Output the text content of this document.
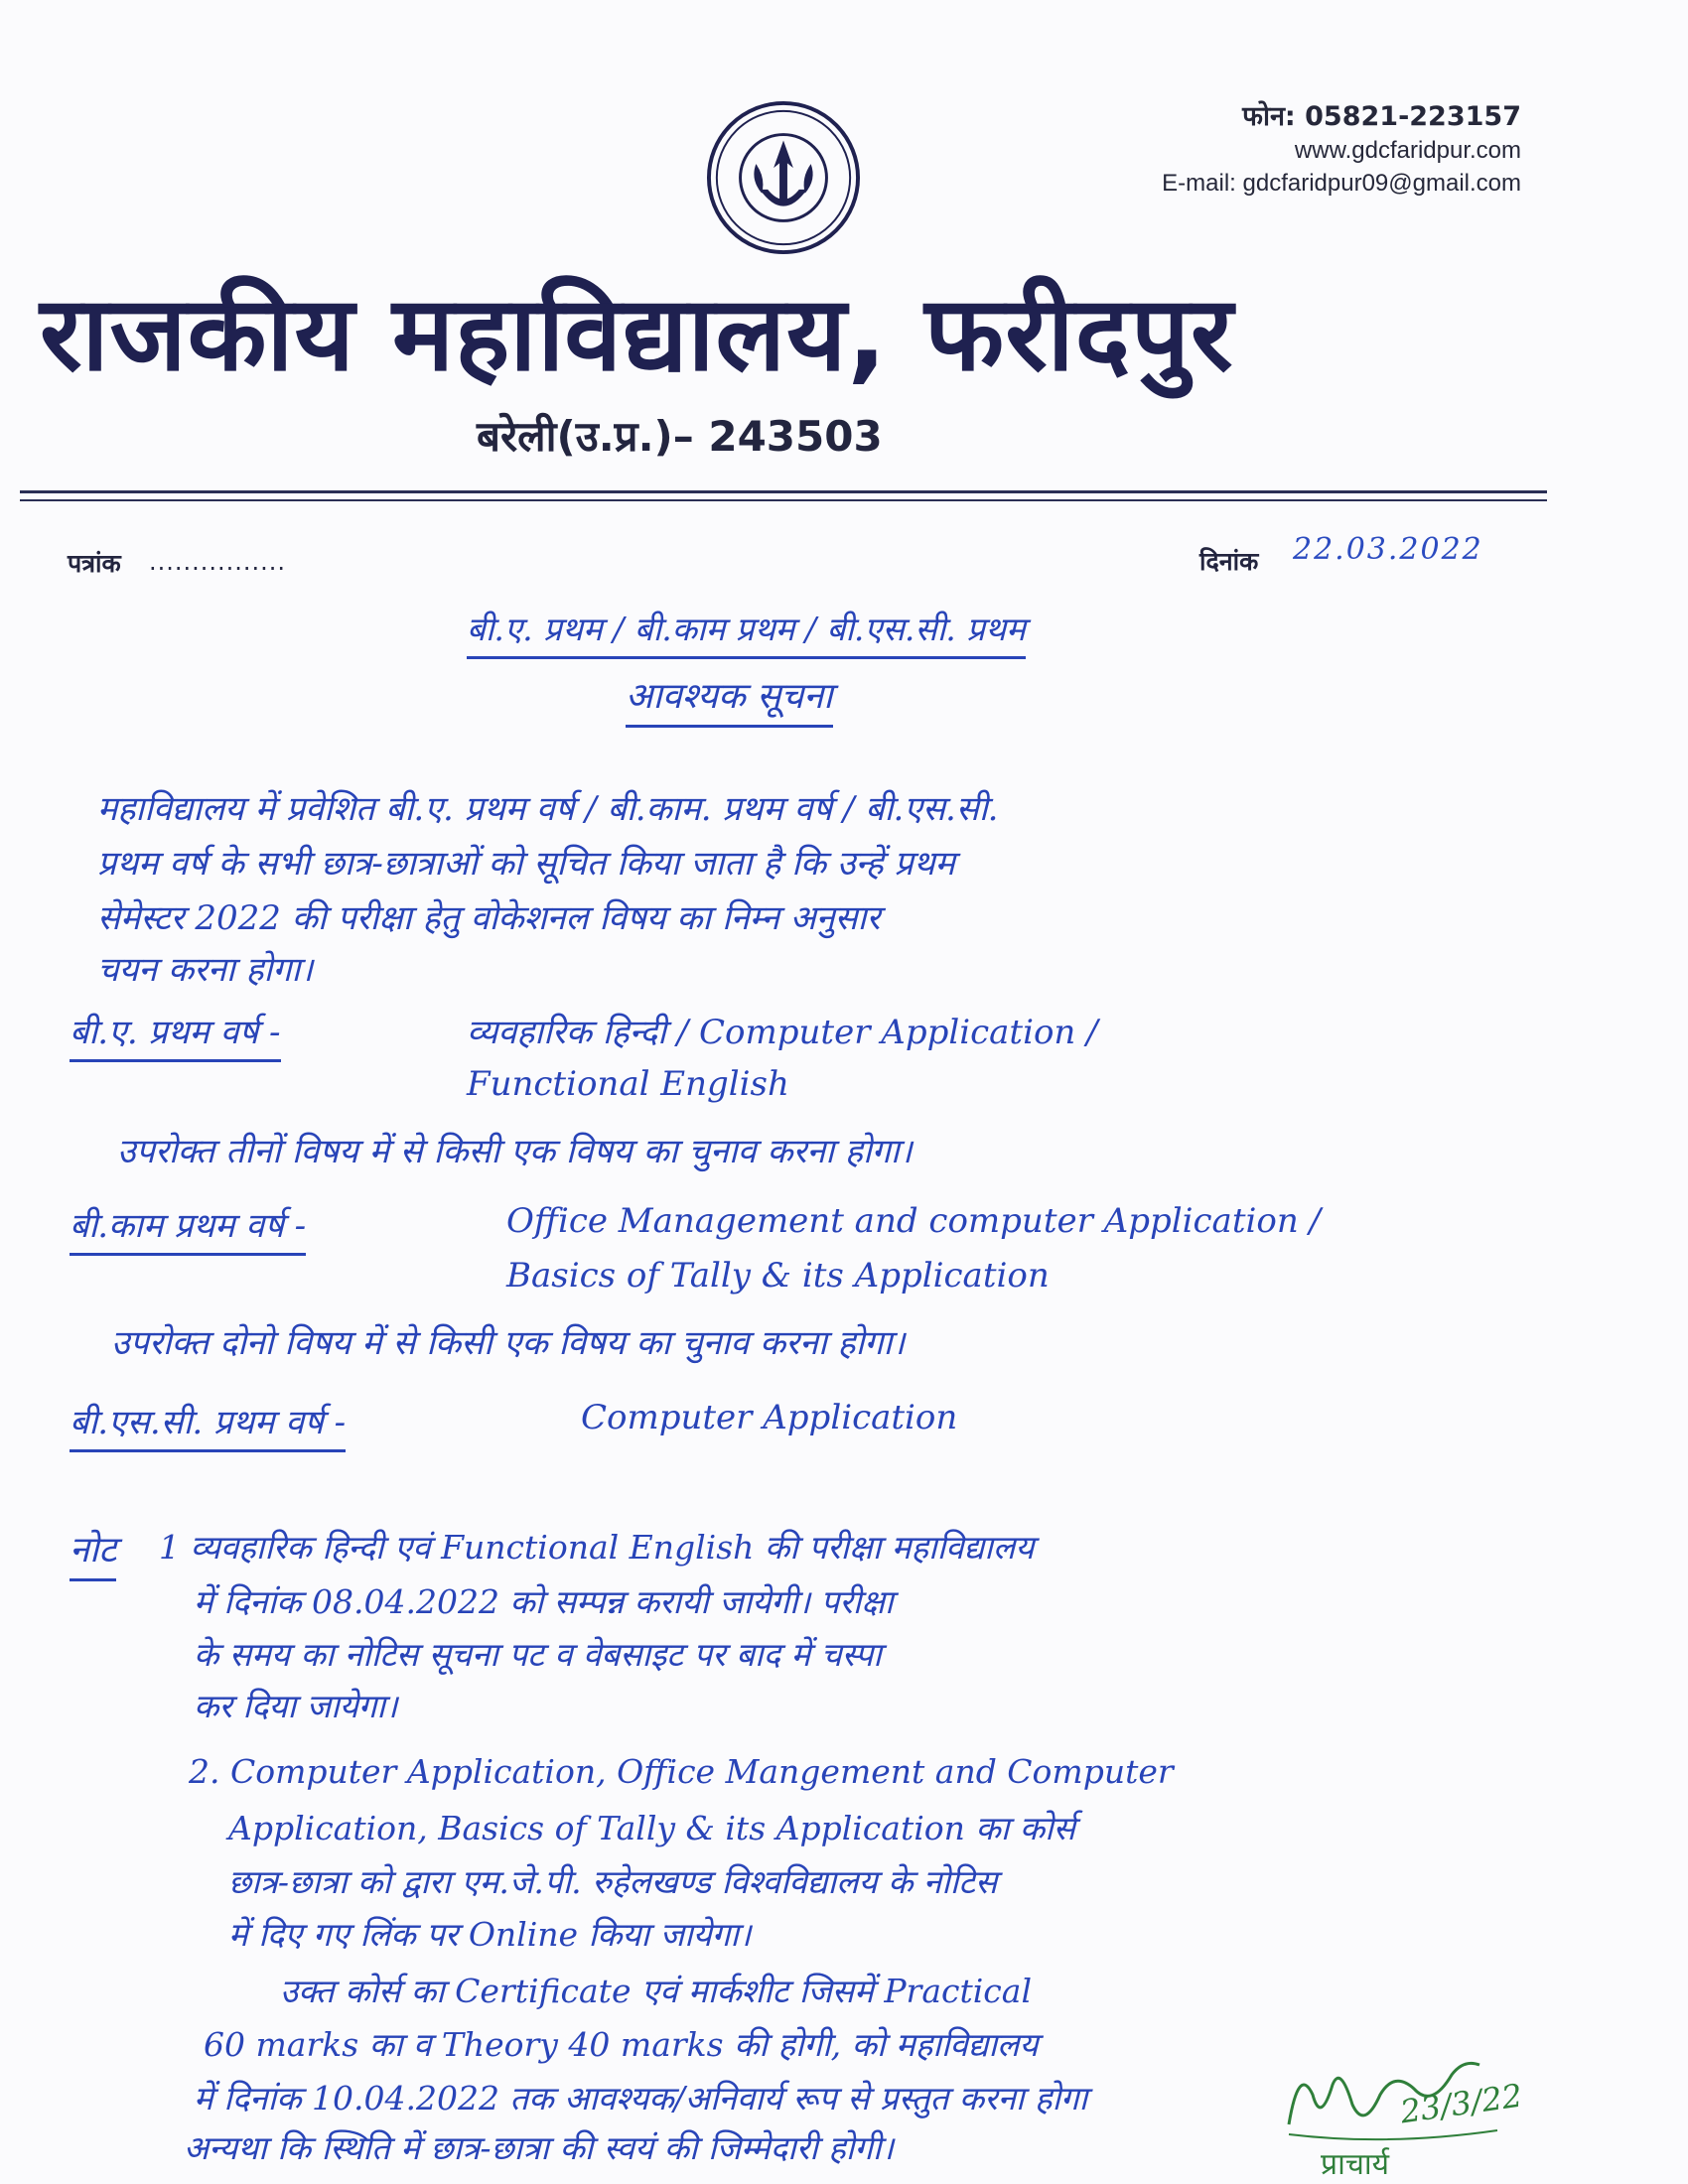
फोन: 05821-223157
www.gdcfaridpur.com
E-mail: gdcfaridpur09@gmail.com
राजकीय महाविद्यालय, फरीदपुर
बरेली(उ.प्र.)– 243503
पत्रांक ................	दिनांक 22.03.2022
बी.ए. प्रथम / बी.काम प्रथम / बी.एस.सी. प्रथम
आवश्यक सूचना
महाविद्यालय में प्रवेशित बी.ए. प्रथम वर्ष / बी.काम. प्रथम वर्ष / बी.एस.सी.
प्रथम वर्ष के सभी छात्र-छात्राओं को सूचित किया जाता है कि उन्हें प्रथम
सेमेस्टर 2022 की परीक्षा हेतु वोकेशनल विषय का निम्न अनुसार
चयन करना होगा।
बी.ए. प्रथम वर्ष -	व्यवहारिक हिन्दी / Computer Application /
Functional English
उपरोक्त तीनों विषय में से किसी एक विषय का चुनाव करना होगा।
बी.काम प्रथम वर्ष -	Office Management and computer Application /
Basics of Tally & its Application
उपरोक्त दोनो विषय में से किसी एक विषय का चुनाव करना होगा।
बी.एस.सी. प्रथम वर्ष -	Computer Application
नोट 1 व्यवहारिक हिन्दी एवं Functional English की परीक्षा महाविद्यालय
में दिनांक 08.04.2022 को सम्पन्न करायी जायेगी। परीक्षा
के समय का नोटिस सूचना पट व वेबसाइट पर बाद में चस्पा
कर दिया जायेगा।
2. Computer Application, Office Mangement and Computer
Application, Basics of Tally & its Application का कोर्स
छात्र-छात्रा को द्वारा एम.जे.पी. रुहेलखण्ड विश्वविद्यालय के नोटिस
में दिए गए लिंक पर Online किया जायेगा।
उक्त कोर्स का Certificate एवं मार्कशीट जिसमें Practical
60 marks का व Theory 40 marks की होगी, को महाविद्यालय
में दिनांक 10.04.2022 तक आवश्यक/अनिवार्य रूप से प्रस्तुत करना होगा
अन्यथा कि स्थिति में छात्र-छात्रा की स्वयं की जिम्मेदारी होगी।
23/3/22
प्राचार्य
